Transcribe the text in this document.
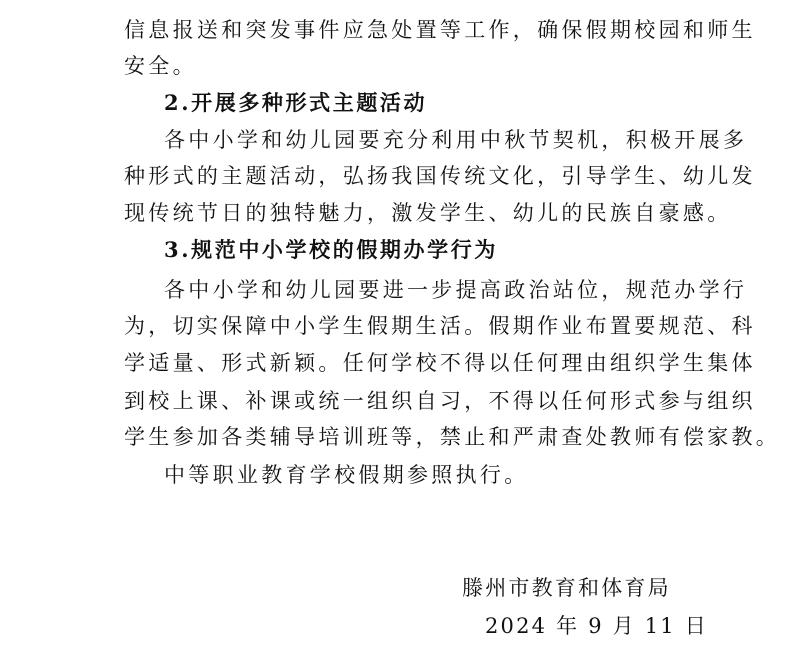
信息报送和突发事件应急处置等工作，确保假期校园和师生
安全。
2.开展多种形式主题活动
各中小学和幼儿园要充分利用中秋节契机，积极开展多
种形式的主题活动，弘扬我国传统文化，引导学生、幼儿发
现传统节日的独特魅力，激发学生、幼儿的民族自豪感。
3.规范中小学校的假期办学行为
各中小学和幼儿园要进一步提高政治站位，规范办学行
为，切实保障中小学生假期生活。假期作业布置要规范、科
学适量、形式新颖。任何学校不得以任何理由组织学生集体
到校上课、补课或统一组织自习，不得以任何形式参与组织
学生参加各类辅导培训班等，禁止和严肃查处教师有偿家教。
中等职业教育学校假期参照执行。
滕州市教育和体育局
2024 年 9 月 11 日
